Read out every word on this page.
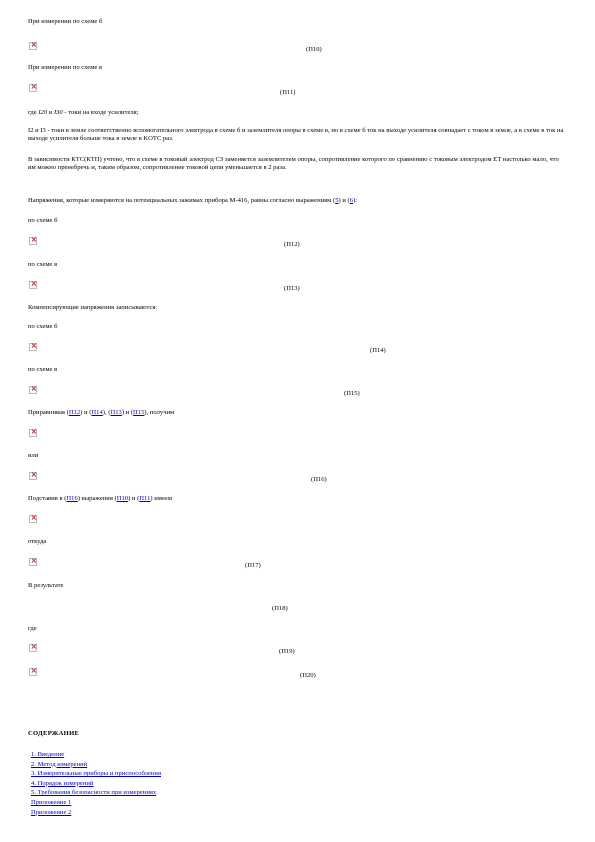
При измерении по схеме б
×
(П10)
При измерении по схеме в
×
(П11)
где I20 и I30 - токи на входе усилителя;
I2 и I3 - токи в земле соответственно вспомогательного электрода в схеме б и заземлителя опоры в схеме в, но в схеме б ток на выходе усилителя совпадает с током в земле, а в схеме в ток на выходе усилителя больше тока в земле в KOTC раз.
В зависимости КТС(КТП) учтено, что в схеме в токовый электрод СЗ заменяется заземлителем опоры, сопротивление которого по сравнению с токовым электродом ЕТ настолько мало, что им можно пренебречь и, таким образом, сопротивление токовой цепи уменьшается в 2 раза.
Напряжения, которые измеряются на потенциальных зажимах прибора М-416, равны согласно выражениям (5) и (6):
по схеме б
×
(П12)
по схеме в
×
(П13)
Компенсирующие напряжения записываются:
по схеме б
×
(П14)
по схеме в
×
(П15)
Приравнивая (П12) и (П14), (П13) и (П15), получим
×
или
×
(П16)
Подставив в (П16) выражения (П10) и (П11) имеем
×
откуда
×
(П17)
В результате
(П18)
где
×
(П19)
×
(П20)
СОДЕРЖАНИЕ
1. Введение
2. Метод измерений
3. Измерительные приборы и приспособления
4. Порядок измерений
5. Требования безопасности при измерениях
Приложение 1
Приложение 2
